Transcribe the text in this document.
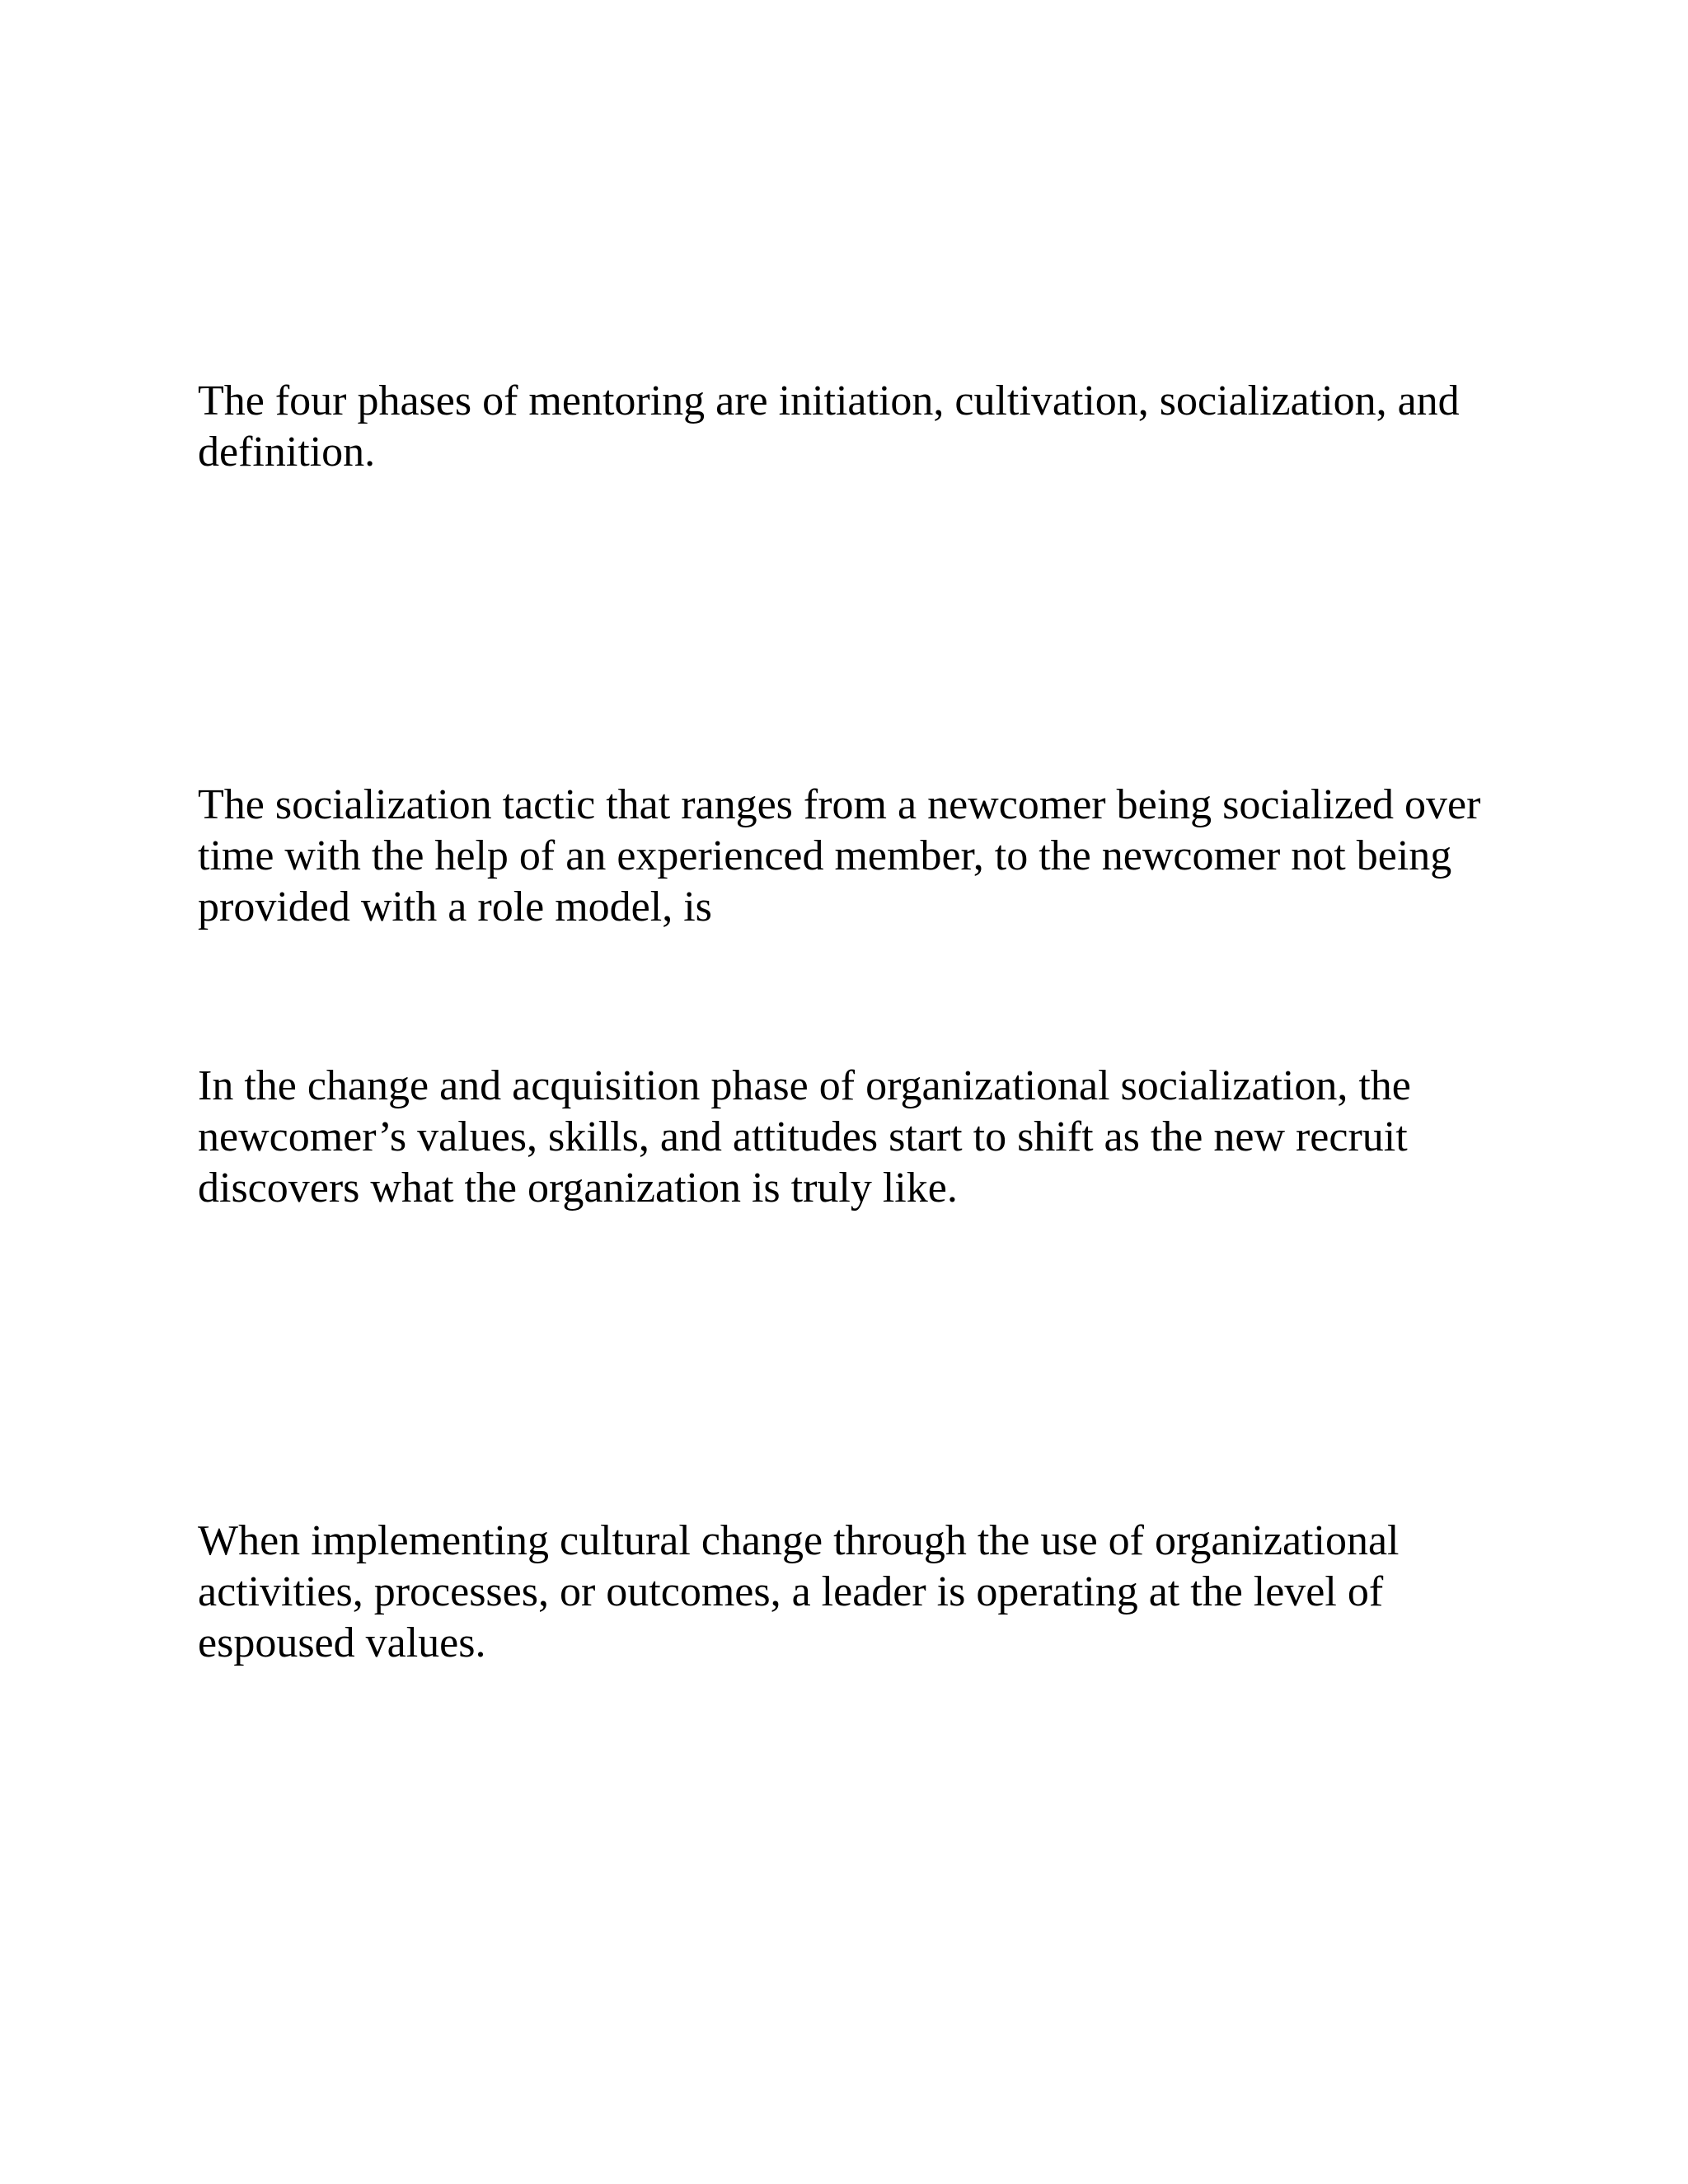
The four phases of mentoring are initiation, cultivation, socialization, and definition.

The socialization tactic that ranges from a newcomer being socialized over time with the help of an experienced member, to the newcomer not being provided with a role model, is

In the change and acquisition phase of organizational socialization, the newcomer’s values, skills, and attitudes start to shift as the new recruit discovers what the organization is truly like.

When implementing cultural change through the use of organizational activities, processes, or outcomes, a leader is operating at the level of espoused values.
